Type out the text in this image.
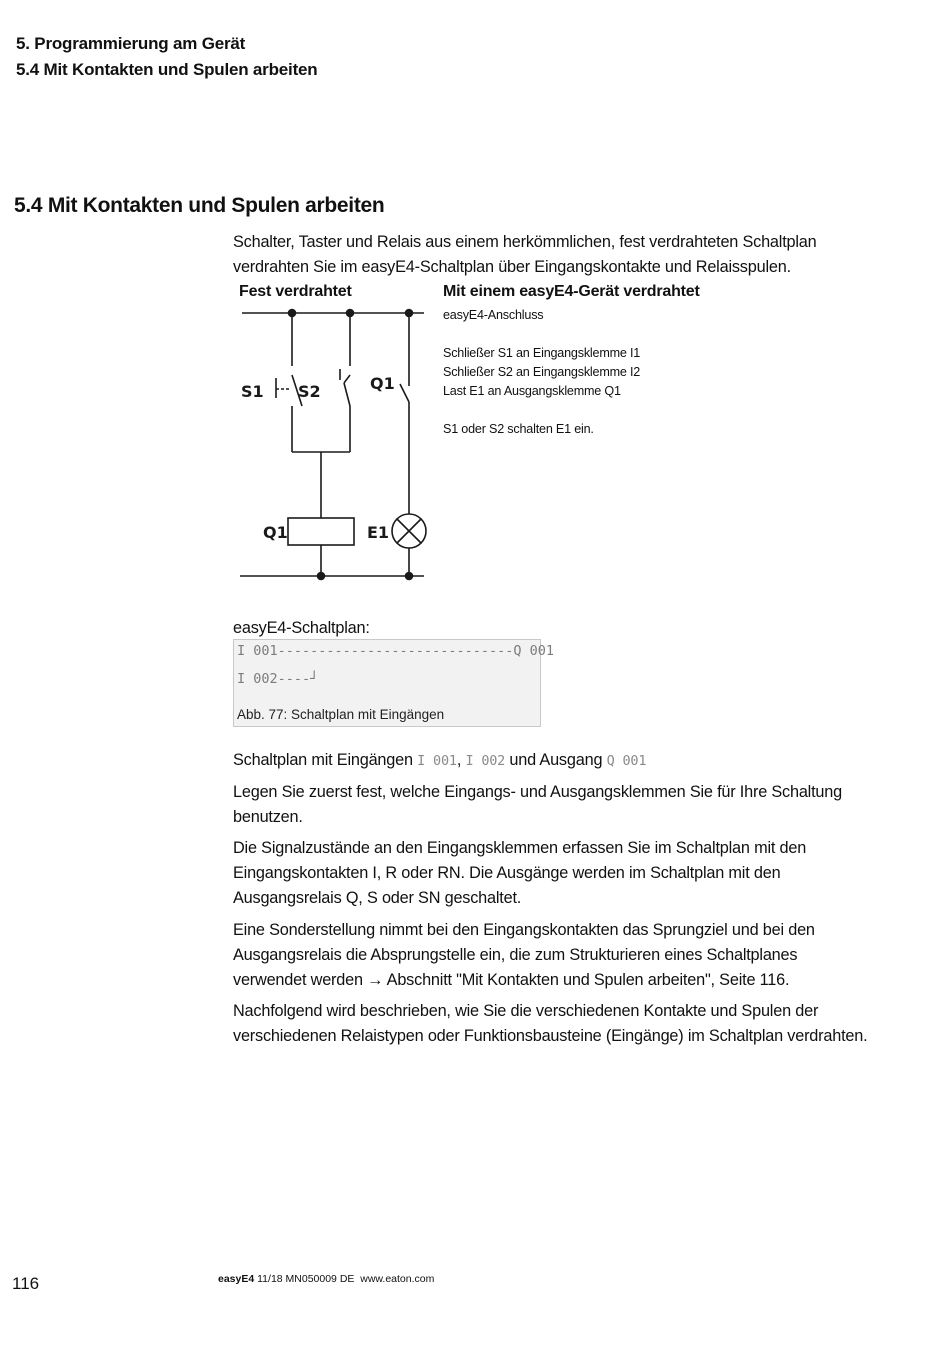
5. Programmierung am Gerät
5.4 Mit Kontakten und Spulen arbeiten
5.4 Mit Kontakten und Spulen arbeiten
Schalter, Taster und Relais aus einem herkömmlichen, fest verdrahteten Schaltplan verdrahten Sie im easyE4-Schaltplan über Eingangskontakte und Relaisspulen.
Fest verdrahtet	Mit einem easyE4-Gerät verdrahtet
S1 S2	Q1
Q1	E1
easyE4-Anschluss
Schließer S1 an Eingangsklemme I1
Schließer S2 an Eingangsklemme I2
Last E1 an Ausgangsklemme Q1
S1 oder S2 schalten E1 ein.
easyE4-Schaltplan:
I 001-----------------------------Q 001
I 002----┘
Abb. 77: Schaltplan mit Eingängen
Schaltplan mit Eingängen I 001 , I 002 und Ausgang Q 001
Legen Sie zuerst fest, welche Eingangs- und Ausgangsklemmen Sie für Ihre Schaltung benutzen.
Die Signalzustände an den Eingangsklemmen erfassen Sie im Schaltplan mit den Eingangskontakten I, R oder RN. Die Ausgänge werden im Schaltplan mit den Ausgangsrelais Q, S oder SN geschaltet.
Eine Sonderstellung nimmt bei den Eingangskontakten das Sprungziel und bei den Ausgangsrelais die Absprungstelle ein, die zum Strukturieren eines Schaltplanes verwendet werden → Abschnitt "Mit Kontakten und Spulen arbeiten", Seite 116.
Nachfolgend wird beschrieben, wie Sie die verschiedenen Kontakte und Spulen der verschiedenen Relaistypen oder Funktionsbausteine (Eingänge) im Schaltplan verdrahten.
116	easyE4 11/18 MN050009 DE  www.eaton.com
